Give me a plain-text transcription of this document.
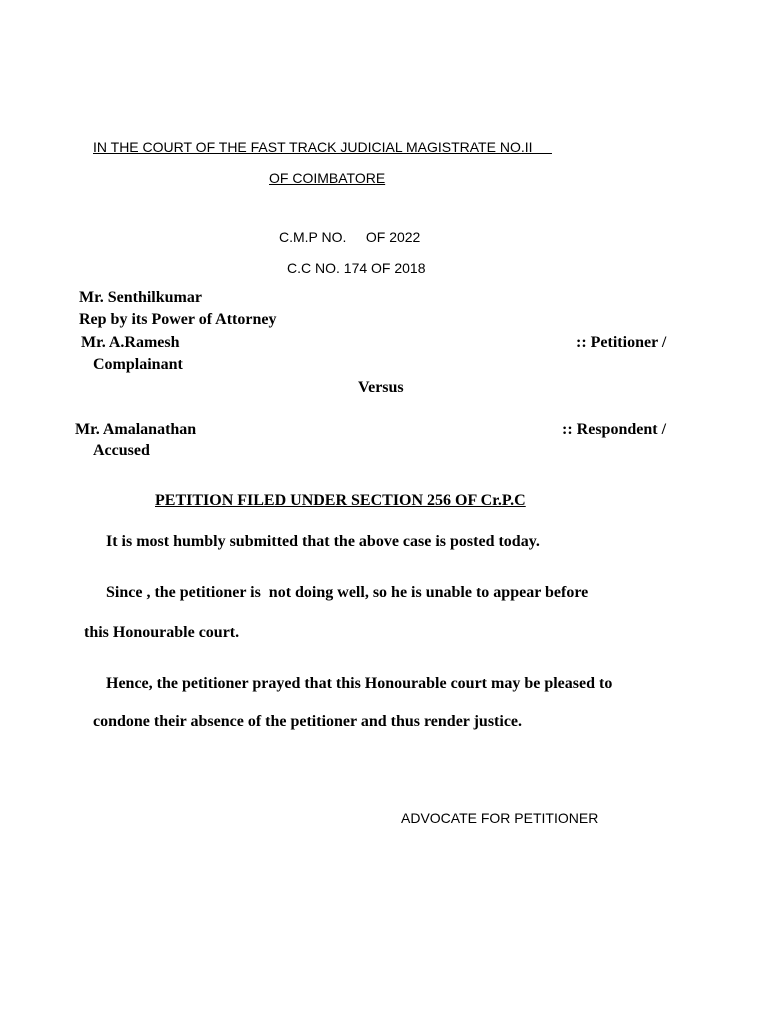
IN THE COURT OF THE FAST TRACK JUDICIAL MAGISTRATE NO.II
OF COIMBATORE
C.M.P NO.     OF 2022
C.C NO. 174 OF 2018
Mr. Senthilkumar
Rep by its Power of Attorney
Mr. A.Ramesh	:: Petitioner /
Complainant
Versus
Mr. Amalanathan	:: Respondent /
Accused
PETITION FILED UNDER SECTION 256 OF Cr.P.C
It is most humbly submitted that the above case is posted today.
Since , the petitioner is  not doing well, so he is unable to appear before
this Honourable court.
Hence, the petitioner prayed that this Honourable court may be pleased to
condone their absence of the petitioner and thus render justice.
ADVOCATE FOR PETITIONER
